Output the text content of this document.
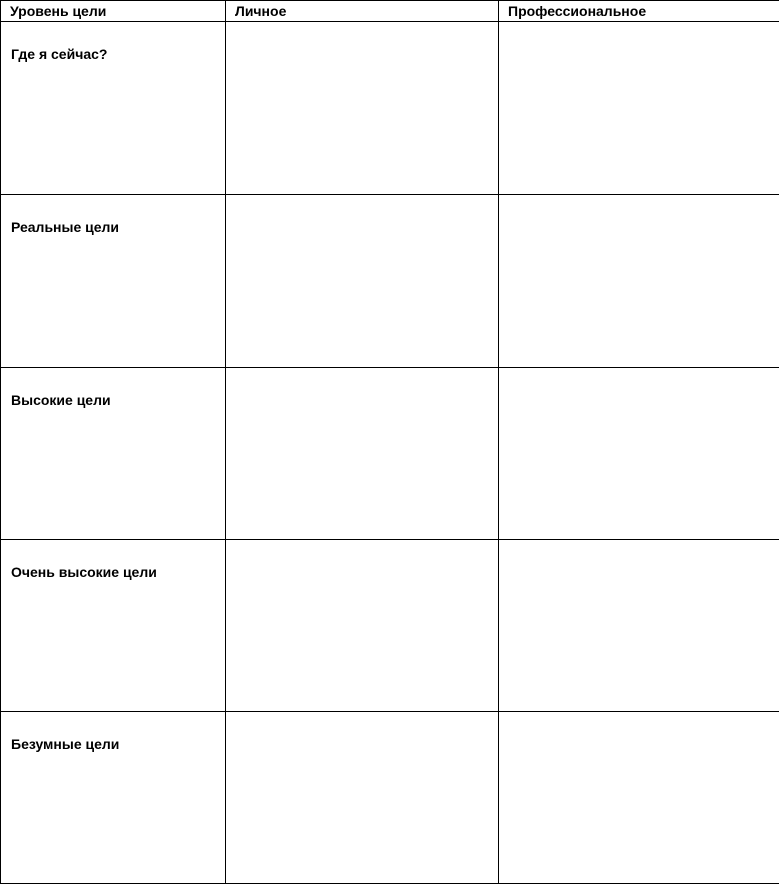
Уровень цели	Личное	Профессиональное

Где я сейчас?		

Реальные цели		

Высокие цели		

Очень высокие цели		

Безумные цели		
